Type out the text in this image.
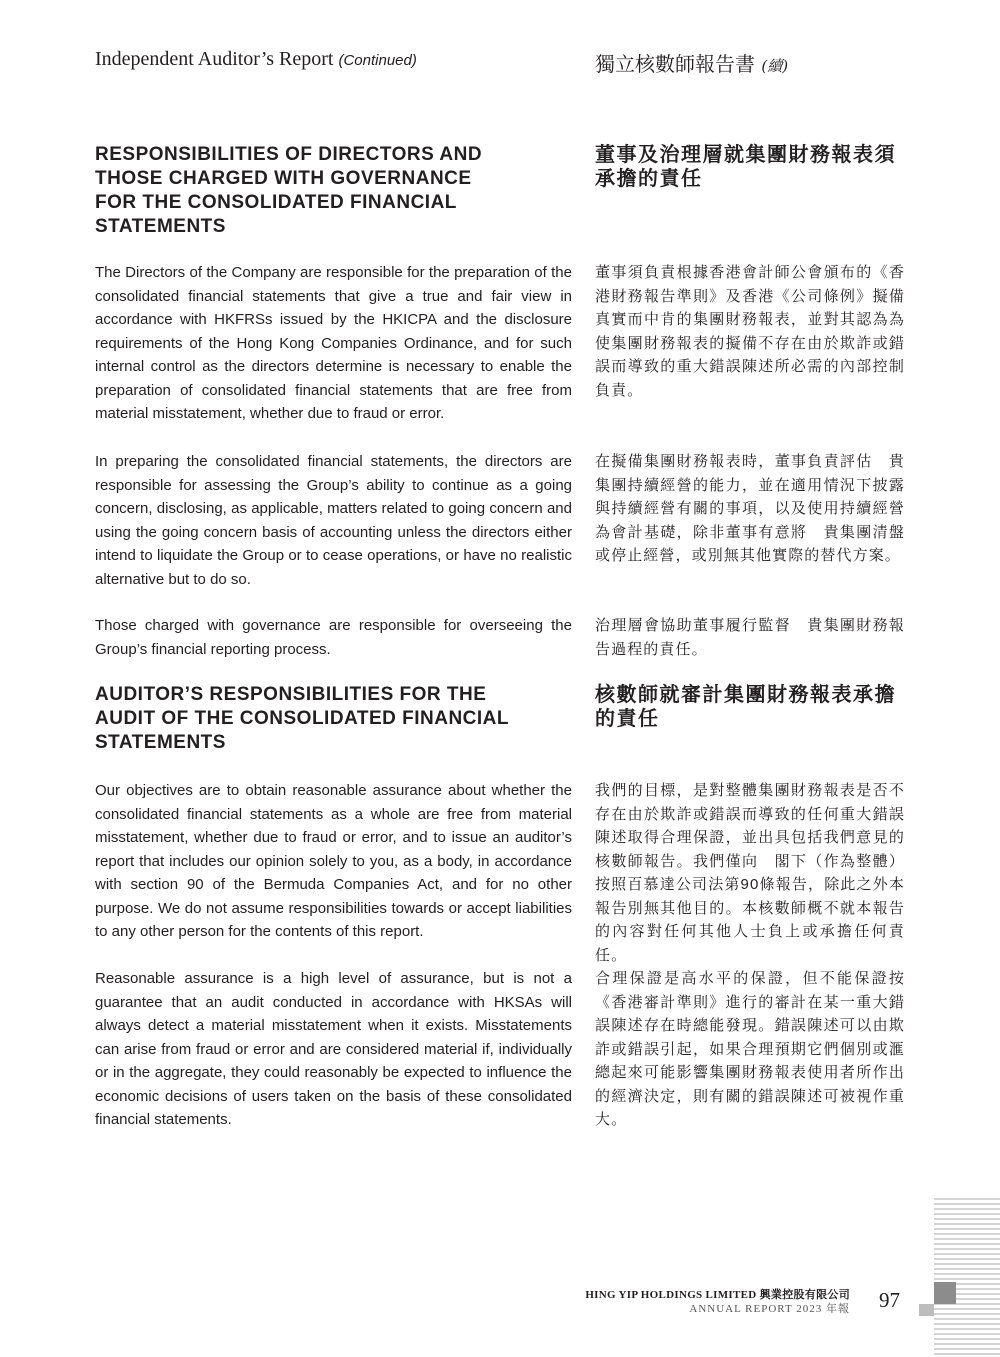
Independent Auditor’s Report (Continued)	獨立核數師報告書 (續)
RESPONSIBILITIES OF DIRECTORS AND
THOSE CHARGED WITH GOVERNANCE
FOR THE CONSOLIDATED FINANCIAL
STATEMENTS
董事及治理層就集團財務報表須
承擔的責任

The Directors of the Company are responsible for the preparation of the consolidated financial statements that give a true and fair view in accordance with HKFRSs issued by the HKICPA and the disclosure requirements of the Hong Kong Companies Ordinance, and for such internal control as the directors determine is necessary to enable the preparation of consolidated financial statements that are free from material misstatement, whether due to fraud or error.

董事須負責根據香港會計師公會頒布的《香港財務報告準則》及香港《公司條例》擬備真實而中肯的集團財務報表，並對其認為為使集團財務報表的擬備不存在由於欺詐或錯誤而導致的重大錯誤陳述所必需的內部控制負責。

In preparing the consolidated financial statements, the directors are responsible for assessing the Group’s ability to continue as a going concern, disclosing, as applicable, matters related to going concern and using the going concern basis of accounting unless the directors either intend to liquidate the Group or to cease operations, or have no realistic alternative but to do so.

在擬備集團財務報表時，董事負責評估　貴集團持續經營的能力，並在適用情況下披露與持續經營有關的事項，以及使用持續經營為會計基礎，除非董事有意將　貴集團清盤或停止經營，或別無其他實際的替代方案。

Those charged with governance are responsible for overseeing the Group’s financial reporting process.

治理層會協助董事履行監督　貴集團財務報告過程的責任。

AUDITOR’S RESPONSIBILITIES FOR THE
AUDIT OF THE CONSOLIDATED FINANCIAL
STATEMENTS
核數師就審計集團財務報表承擔
的責任

Our objectives are to obtain reasonable assurance about whether the consolidated financial statements as a whole are free from material misstatement, whether due to fraud or error, and to issue an auditor’s report that includes our opinion solely to you, as a body, in accordance with section 90 of the Bermuda Companies Act, and for no other purpose. We do not assume responsibilities towards or accept liabilities to any other person for the contents of this report.

我們的目標，是對整體集團財務報表是否不存在由於欺詐或錯誤而導致的任何重大錯誤陳述取得合理保證，並出具包括我們意見的核數師報告。我們僅向　閣下（作為整體）按照百慕達公司法第90條報告，除此之外本報告別無其他目的。本核數師概不就本報告的內容對任何其他人士負上或承擔任何責任。

Reasonable assurance is a high level of assurance, but is not a guarantee that an audit conducted in accordance with HKSAs will always detect a material misstatement when it exists. Misstatements can arise from fraud or error and are considered material if, individually or in the aggregate, they could reasonably be expected to influence the economic decisions of users taken on the basis of these consolidated financial statements.

合理保證是高水平的保證，但不能保證按《香港審計準則》進行的審計在某一重大錯誤陳述存在時總能發現。錯誤陳述可以由欺詐或錯誤引起，如果合理預期它們個別或滙總起來可能影響集團財務報表使用者所作出的經濟決定，則有關的錯誤陳述可被視作重大。

HING YIP HOLDINGS LIMITED 興業控股有限公司
ANNUAL REPORT 2023 年報 97
